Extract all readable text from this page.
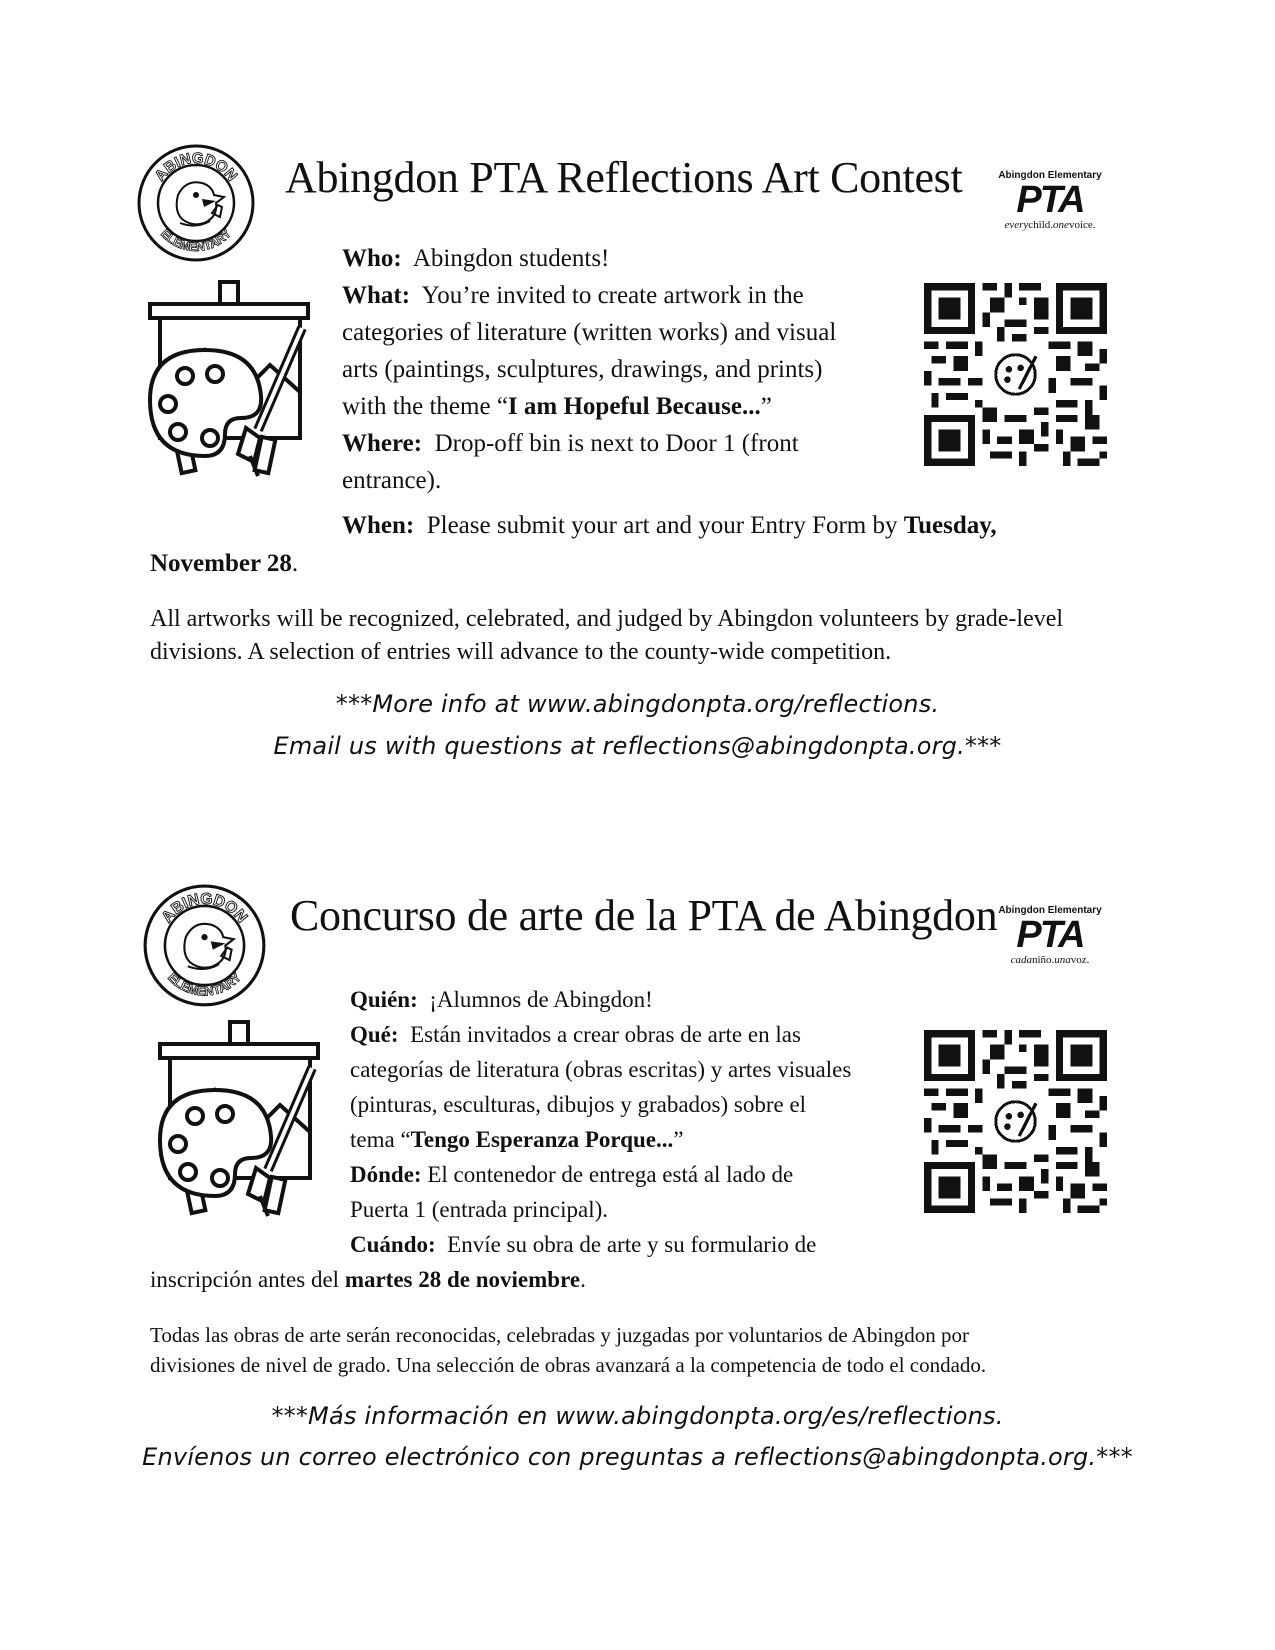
Abingdon PTA Reflections Art Contest	Abingdon Elementary
PTA
everychild.onevoice.
Who: Abingdon students!
What: You’re invited to create artwork in the
categories of literature (written works) and visual
arts (paintings, sculptures, drawings, and prints)
with the theme “I am Hopeful Because...”
Where: Drop-off bin is next to Door 1 (front
entrance).
When: Please submit your art and your Entry Form by Tuesday,
November 28.
All artworks will be recognized, celebrated, and judged by Abingdon volunteers by grade-level
divisions. A selection of entries will advance to the county-wide competition.
***More info at www.abingdonpta.org/reflections.
Email us with questions at reflections@abingdonpta.org.***
Concurso de arte de la PTA de Abingdon Abingdon Elementary
PTA
cadaniño.unavoz.
Quién: ¡Alumnos de Abingdon!
Qué: Están invitados a crear obras de arte en las
categorías de literatura (obras escritas) y artes visuales
(pinturas, esculturas, dibujos y grabados) sobre el
tema “Tengo Esperanza Porque...”
Dónde: El contenedor de entrega está al lado de
Puerta 1 (entrada principal).
Cuándo: Envíe su obra de arte y su formulario de
inscripción antes del martes 28 de noviembre.
Todas las obras de arte serán reconocidas, celebradas y juzgadas por voluntarios de Abingdon por
divisiones de nivel de grado. Una selección de obras avanzará a la competencia de todo el condado.
***Más información en www.abingdonpta.org/es/reflections.
Envíenos un correo electrónico con preguntas a reflections@abingdonpta.org.***
